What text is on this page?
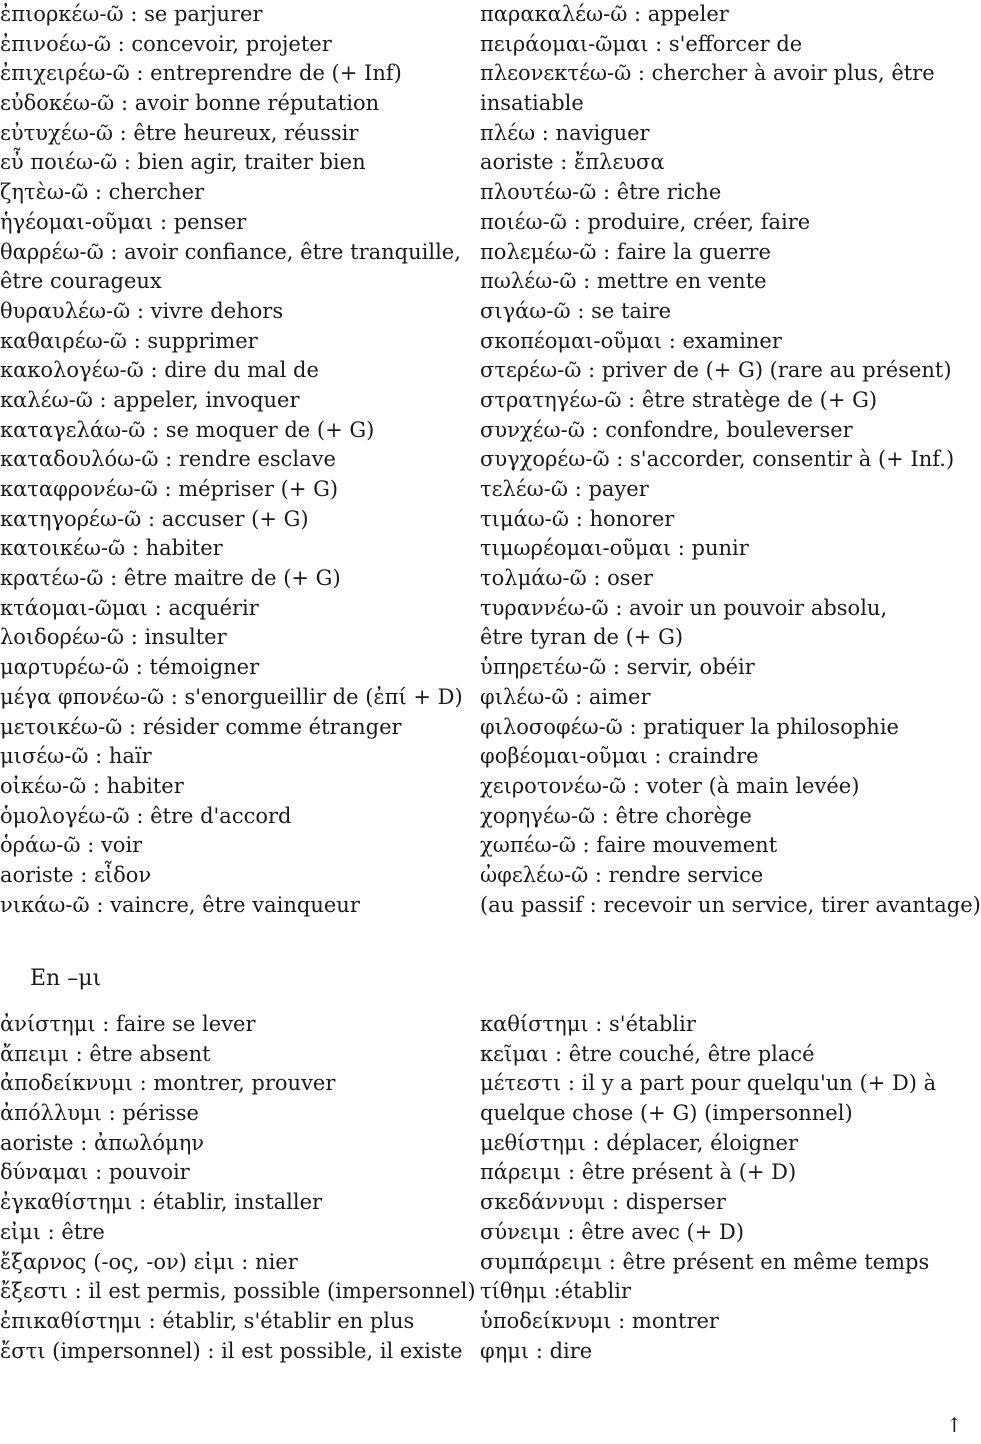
ἐπιορκέω-ῶ : se parjurer
ἐπινοέω-ῶ : concevoir, projeter
ἐπιχειρέω-ῶ : entreprendre de (+ Inf)
εὐδοκέω-ῶ : avoir bonne réputation
εὐτυχέω-ῶ : être heureux, réussir
εὖ ποιέω-ῶ : bien agir, traiter bien
ζητὲω-ῶ : chercher
ἡγέομαι-οῦμαι : penser
θαρρέω-ῶ : avoir confiance, être tranquille,
être courageux
θυραυλέω-ῶ : vivre dehors
καθαιρέω-ῶ : supprimer
κακολογέω-ῶ : dire du mal de
καλέω-ῶ : appeler, invoquer
καταγελάω-ῶ : se moquer de (+ G)
καταδουλόω-ῶ : rendre esclave
καταφρονέω-ῶ : mépriser (+ G)
κατηγορέω-ῶ : accuser (+ G)
κατοικέω-ῶ : habiter
κρατέω-ῶ : être maitre de (+ G)
κτάομαι-ῶμαι : acquérir
λοιδορέω-ῶ : insulter
μαρτυρέω-ῶ : témoigner
μέγα φπονέω-ῶ : s'enorgueillir de (ἐπί + D)
μετοικέω-ῶ : résider comme étranger
μισέω-ῶ : haïr
οἰκέω-ῶ : habiter
ὁμολογέω-ῶ : être d'accord
ὁράω-ῶ : voir
aoriste : εἶδον
νικάω-ῶ : vaincre, être vainqueur
παρακαλέω-ῶ : appeler
πειράομαι-ῶμαι : s'efforcer de
πλεονεκτέω-ῶ : chercher à avoir plus, être
insatiable
πλέω : naviguer
aoriste : ἔπλευσα
πλουτέω-ῶ : être riche
ποιέω-ῶ : produire, créer, faire
πολεμέω-ῶ : faire la guerre
πωλέω-ῶ : mettre en vente
σιγάω-ῶ : se taire
σκοπέομαι-οῦμαι : examiner
στερέω-ῶ : priver de (+ G) (rare au présent)
στρατηγέω-ῶ : être stratège de (+ G)
συνχέω-ῶ : confondre, bouleverser
συγχορέω-ῶ : s'accorder, consentir à (+ Inf.)
τελέω-ῶ : payer
τιμάω-ῶ : honorer
τιμωρέομαι-οῦμαι : punir
τολμάω-ῶ : oser
τυραννέω-ῶ : avoir un pouvoir absolu,
être tyran de (+ G)
ὑπηρετέω-ῶ : servir, obéir
φιλέω-ῶ : aimer
φιλοσοφέω-ῶ : pratiquer la philosophie
φοβέομαι-οῦμαι : craindre
χειροτονέω-ῶ : voter (à main levée)
χορηγέω-ῶ : être chorège
χωπέω-ῶ : faire mouvement
ὠφελέω-ῶ : rendre service
(au passif : recevoir un service, tirer avantage)
En –μι
ἀνίστημι : faire se lever
ἄπειμι : être absent
ἀποδείκνυμι : montrer, prouver
ἀπόλλυμι : périsse
aoriste : ἀπωλόμην
δύναμαι : pouvoir
ἐγκαθίστημι : établir, installer
εἰμι : être
ἔξαρνος (-ος, -ον) εἰμι : nier
ἔξεστι : il est permis, possible (impersonnel)
ἐπικαθίστημι : établir, s'établir en plus
ἔστι (impersonnel) : il est possible, il existe
καθίστημι : s'établir
κεῖμαι : être couché, être placé
μέτεστι : il y a part pour quelqu'un (+ D) à
quelque chose (+ G) (impersonnel)
μεθίστημι : déplacer, éloigner
πάρειμι : être présent à (+ D)
σκεδάννυμι : disperser
σύνειμι : être avec (+ D)
συμπάρειμι : être présent en même temps
τίθημι :établir
ὑποδείκνυμι : montrer
φημι : dire
↑
